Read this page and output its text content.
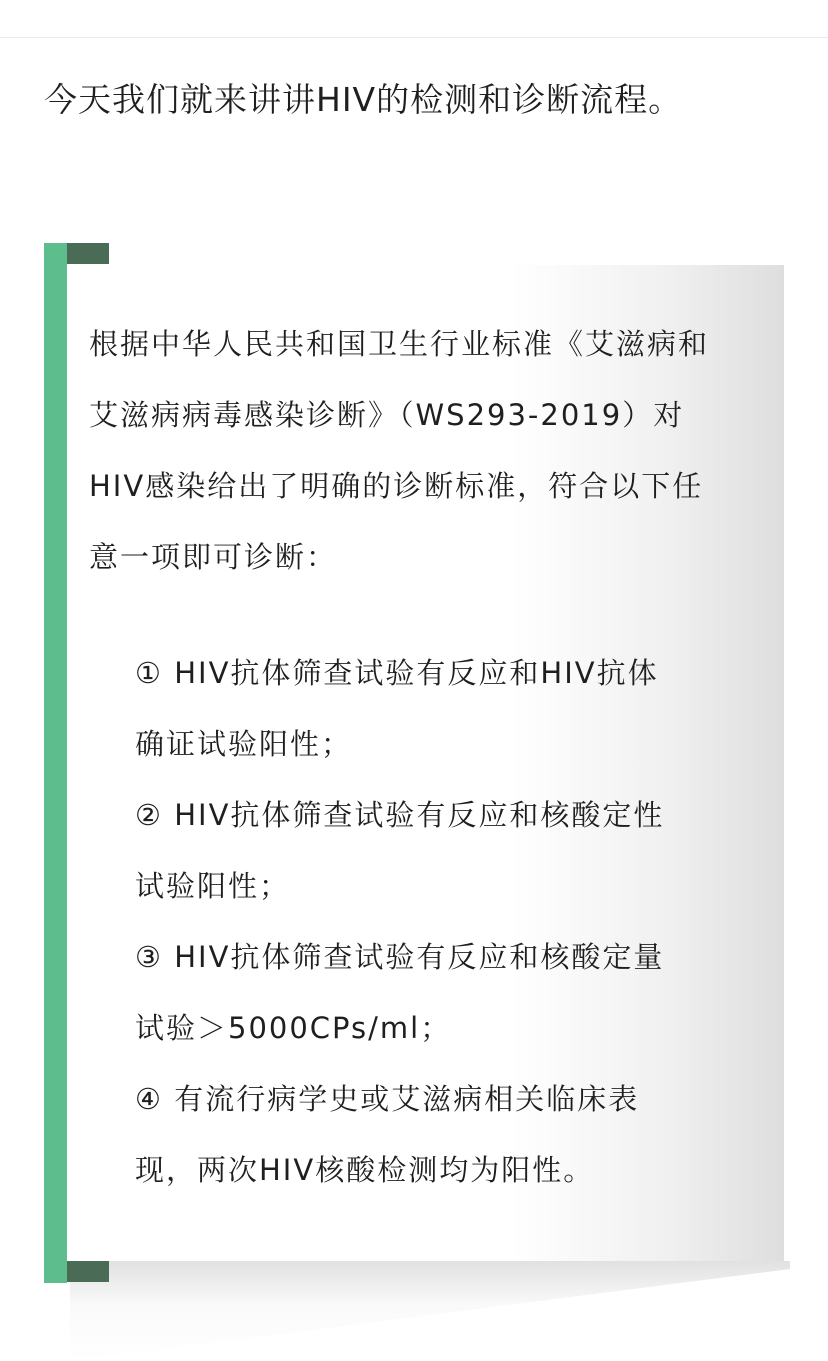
今天我们就来讲讲HIV的检测和诊断流程。
根据中华人民共和国卫生行业标准《艾滋病和
艾滋病病毒感染诊断》（WS293-2019）对
HIV感染给出了明确的诊断标准，符合以下任
意一项即可诊断：
① HIV抗体筛查试验有反应和HIV抗体
确证试验阳性；
② HIV抗体筛查试验有反应和核酸定性
试验阳性；
③ HIV抗体筛查试验有反应和核酸定量
试验＞5000CPs/ml；
④ 有流行病学史或艾滋病相关临床表
现，两次HIV核酸检测均为阳性。
